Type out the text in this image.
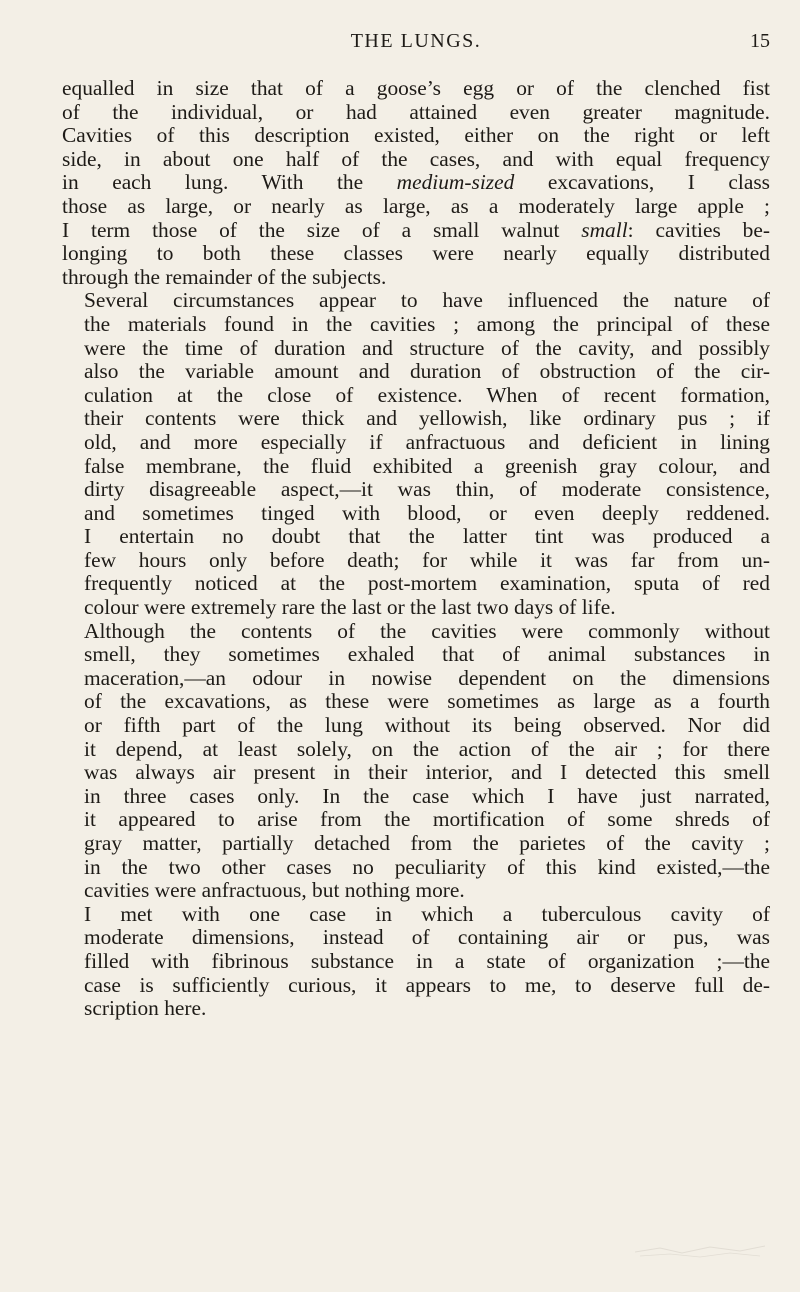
THE LUNGS.	15

equalled in size that of a goose’s egg or of the clenched fist
of the individual, or had attained even greater magnitude.
Cavities of this description existed, either on the right or left
side, in about one half of the cases, and with equal frequency
in each lung. With the medium-sized excavations, I class
those as large, or nearly as large, as a moderately large apple ;
I term those of the size of a small walnut small: cavities be-
longing to both these classes were nearly equally distributed
through the remainder of the subjects.

Several circumstances appear to have influenced the nature of
the materials found in the cavities ; among the principal of these
were the time of duration and structure of the cavity, and possibly
also the variable amount and duration of obstruction of the cir-
culation at the close of existence. When of recent formation,
their contents were thick and yellowish, like ordinary pus ; if
old, and more especially if anfractuous and deficient in lining
false membrane, the fluid exhibited a greenish gray colour, and
dirty disagreeable aspect,—it was thin, of moderate consistence,
and sometimes tinged with blood, or even deeply reddened.
I entertain no doubt that the latter tint was produced a
few hours only before death; for while it was far from un-
frequently noticed at the post-mortem examination, sputa of red
colour were extremely rare the last or the last two days of life.

Although the contents of the cavities were commonly without
smell, they sometimes exhaled that of animal substances in
maceration,—an odour in nowise dependent on the dimensions
of the excavations, as these were sometimes as large as a fourth
or fifth part of the lung without its being observed. Nor did
it depend, at least solely, on the action of the air ; for there
was always air present in their interior, and I detected this smell
in three cases only. In the case which I have just narrated,
it appeared to arise from the mortification of some shreds of
gray matter, partially detached from the parietes of the cavity ;
in the two other cases no peculiarity of this kind existed,—the
cavities were anfractuous, but nothing more.

I met with one case in which a tuberculous cavity of
moderate dimensions, instead of containing air or pus, was
filled with fibrinous substance in a state of organization ;—the
case is sufficiently curious, it appears to me, to deserve full de-
scription here.
